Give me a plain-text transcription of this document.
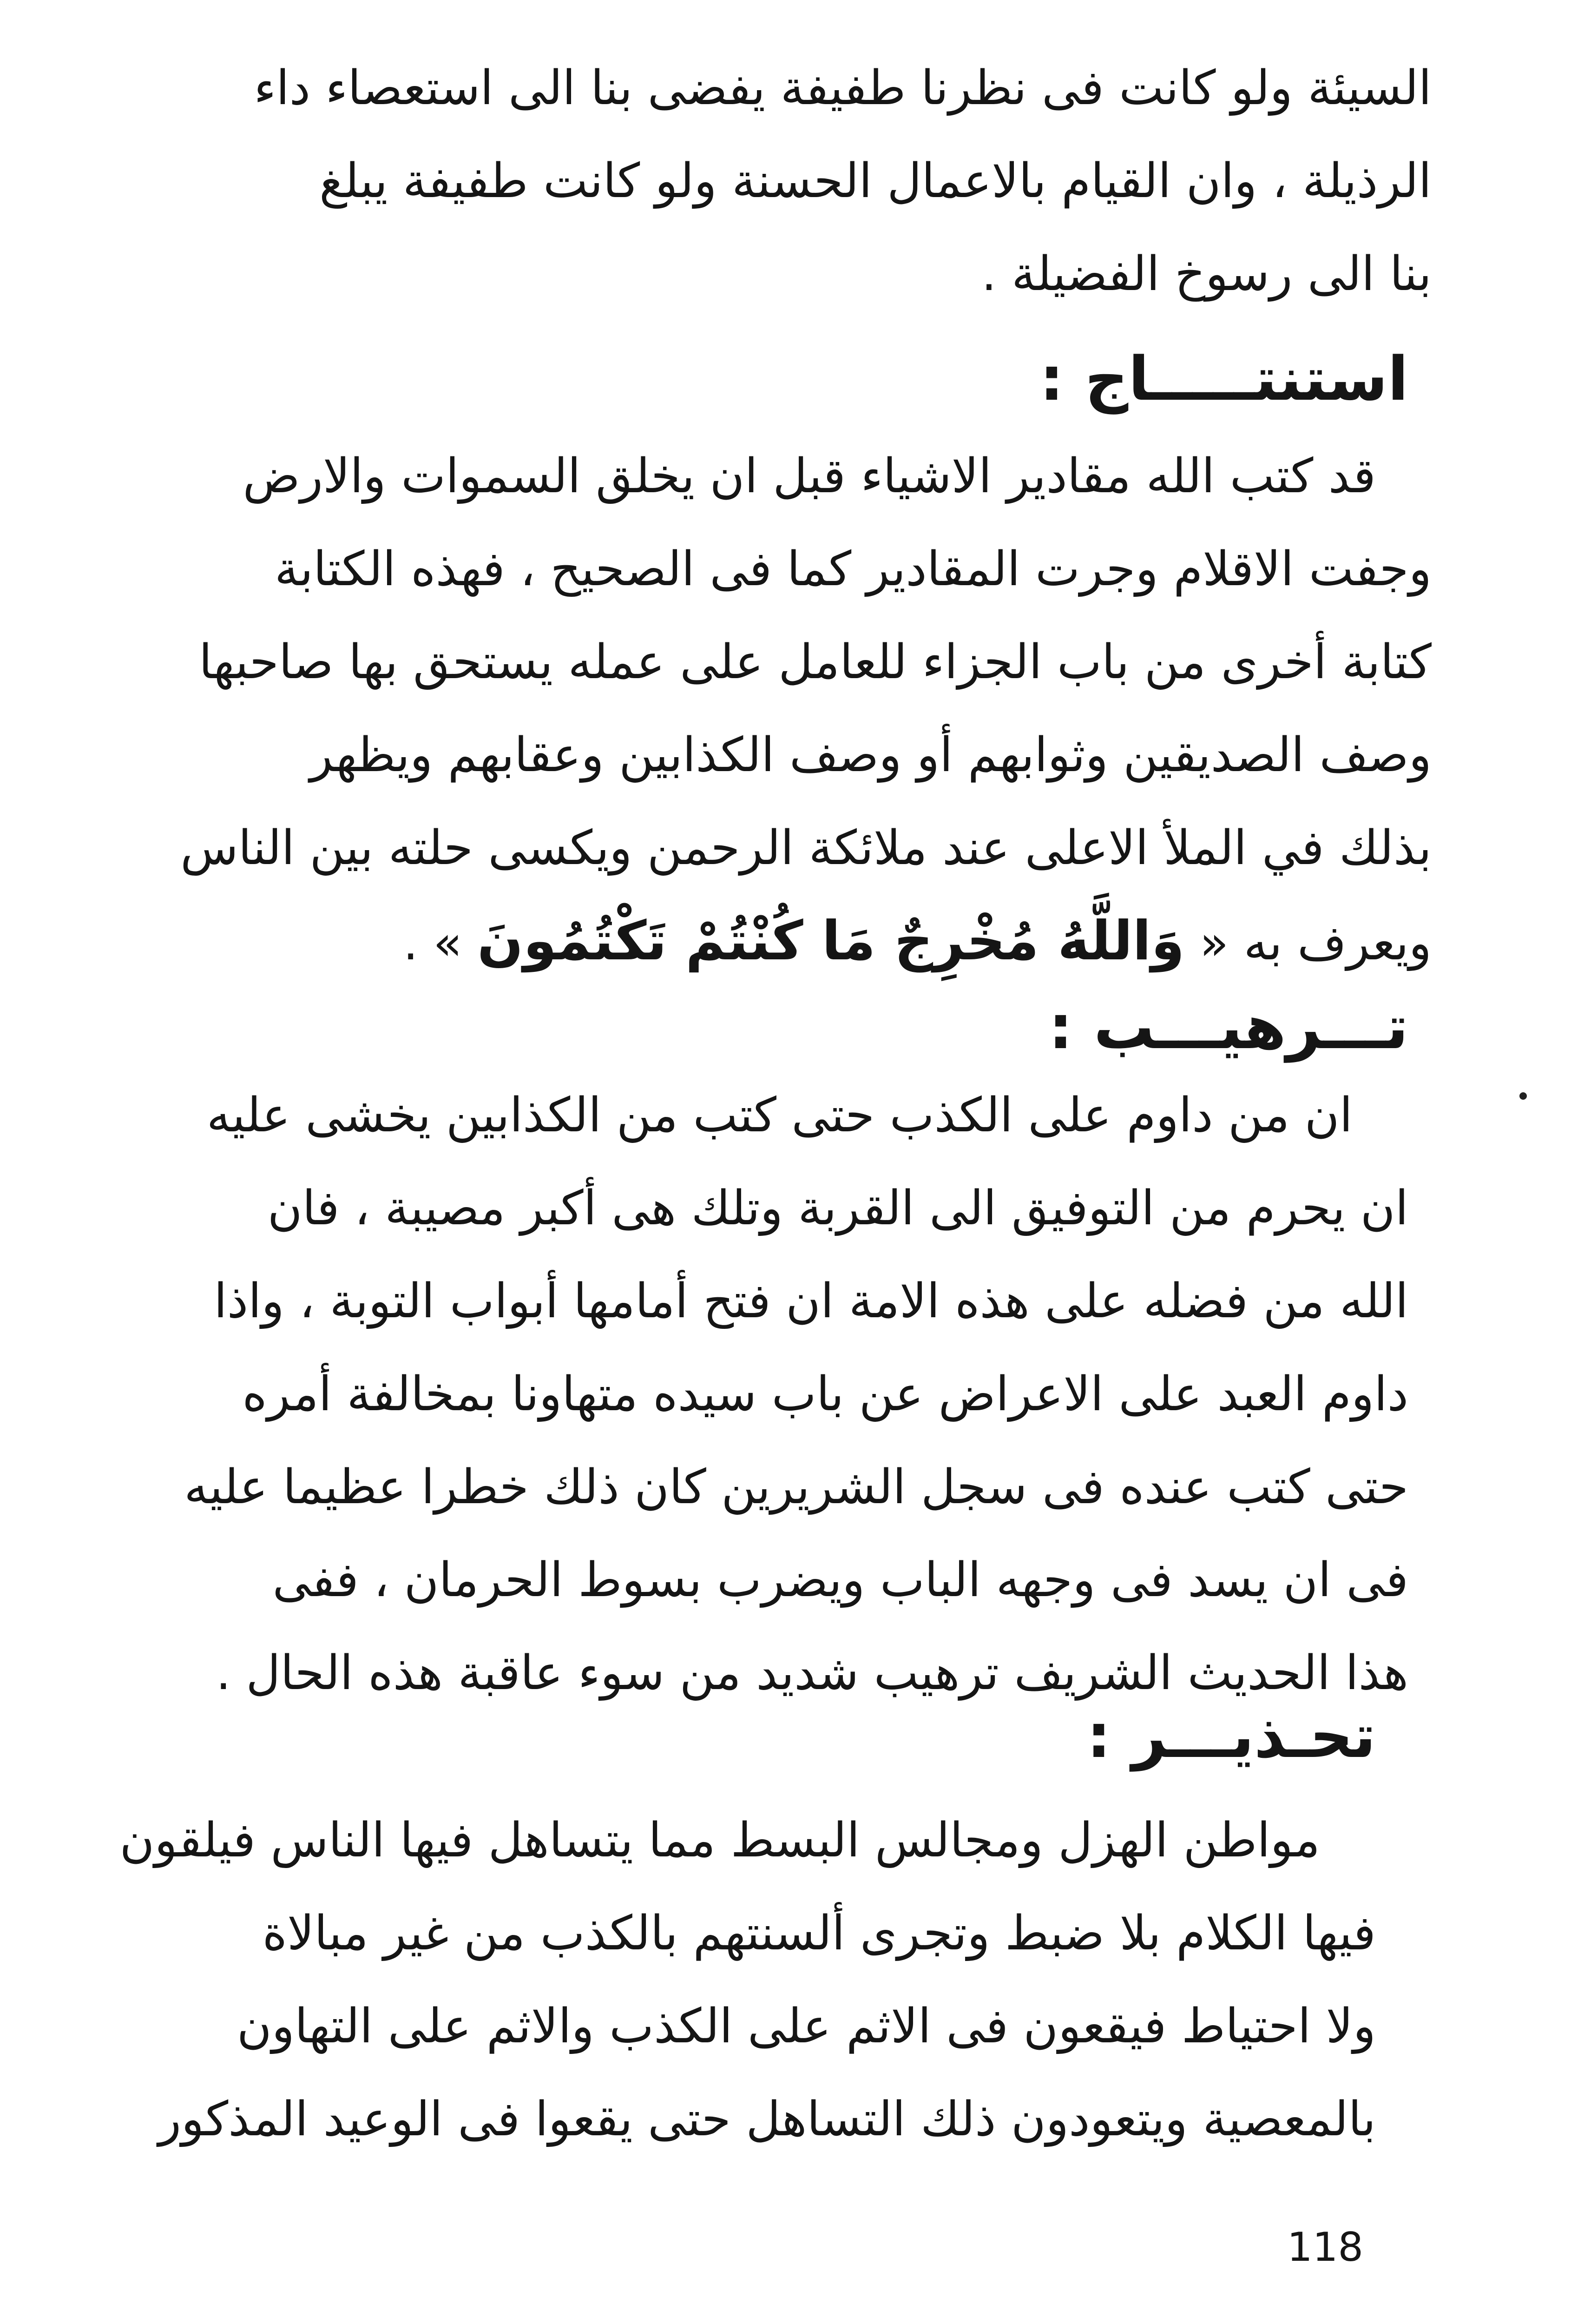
السيئة ولو كانت فى نظرنا طفيفة يفضى بنا الى استعصاء داء
الرذيلة ، وان القيام بالاعمال الحسنة ولو كانت طفيفة يبلغ
بنا الى رسوخ الفضيلة .
استنتـــــاج :
قد كتب الله مقادير الاشياء قبل ان يخلق السموات والارض
وجفت الاقلام وجرت المقادير كما فى الصحيح ، فهذه الكتابة
كتابة أخرى من باب الجزاء للعامل على عمله يستحق بها صاحبها
وصف الصديقين وثوابهم أو وصف الكذابين وعقابهم ويظهر
بذلك في الملأ الاعلى عند ملائكة الرحمن ويكسى حلته بين الناس
ويعرف به « وَاللَّهُ مُخْرِجٌ مَا كُنْتُمْ تَكْتُمُونَ » .
تـــرهيـــب :
ان من داوم على الكذب حتى كتب من الكذابين يخشى عليه
ان يحرم من التوفيق الى القربة وتلك هى أكبر مصيبة ، فان
الله من فضله على هذه الامة ان فتح أمامها أبواب التوبة ، واذا
داوم العبد على الاعراض عن باب سيده متهاونا بمخالفة أمره
حتى كتب عنده فى سجل الشريرين كان ذلك خطرا عظيما عليه
فى ان يسد فى وجهه الباب ويضرب بسوط الحرمان ، ففى
هذا الحديث الشريف ترهيب شديد من سوء عاقبة هذه الحال .
تحـذيـــر :
مواطن الهزل ومجالس البسط مما يتساهل فيها الناس فيلقون
فيها الكلام بلا ضبط وتجرى ألسنتهم بالكذب من غير مبالاة
ولا احتياط فيقعون فى الاثم على الكذب والاثم على التهاون
بالمعصية ويتعودون ذلك التساهل حتى يقعوا فى الوعيد المذكور
118
